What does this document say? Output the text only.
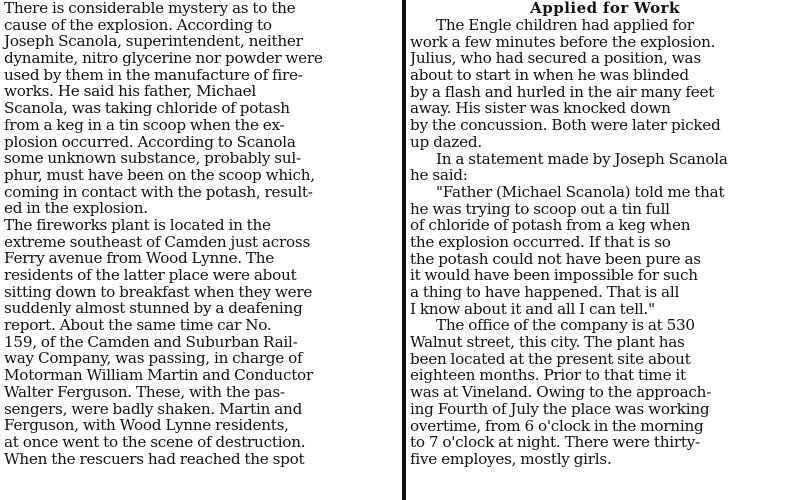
There is considerable mystery as to the
cause of the explosion. According to
Joseph Scanola, superintendent, neither
dynamite, nitro glycerine nor powder were
used by them in the manufacture of fire-
works. He said his father, Michael
Scanola, was taking chloride of potash
from a keg in a tin scoop when the ex-
plosion occurred. According to Scanola
some unknown substance, probably sul-
phur, must have been on the scoop which,
coming in contact with the potash, result-
ed in the explosion.
The fireworks plant is located in the
extreme southeast of Camden just across
Ferry avenue from Wood Lynne. The
residents of the latter place were about
sitting down to breakfast when they were
suddenly almost stunned by a deafening
report. About the same time car No.
159, of the Camden and Suburban Rail-
way Company, was passing, in charge of
Motorman William Martin and Conductor
Walter Ferguson. These, with the pas-
sengers, were badly shaken. Martin and
Ferguson, with Wood Lynne residents,
at once went to the scene of destruction.
When the rescuers had reached the spot
Applied for Work
The Engle children had applied for
work a few minutes before the explosion.
Julius, who had secured a position, was
about to start in when he was blinded
by a flash and hurled in the air many feet
away. His sister was knocked down
by the concussion. Both were later picked
up dazed.
In a statement made by Joseph Scanola
he said:
"Father (Michael Scanola) told me that
he was trying to scoop out a tin full
of chloride of potash from a keg when
the explosion occurred. If that is so
the potash could not have been pure as
it would have been impossible for such
a thing to have happened. That is all
I know about it and all I can tell."
The office of the company is at 530
Walnut street, this city. The plant has
been located at the present site about
eighteen months. Prior to that time it
was at Vineland. Owing to the approach-
ing Fourth of July the place was working
overtime, from 6 o'clock in the morning
to 7 o'clock at night. There were thirty-
five employes, mostly girls.
